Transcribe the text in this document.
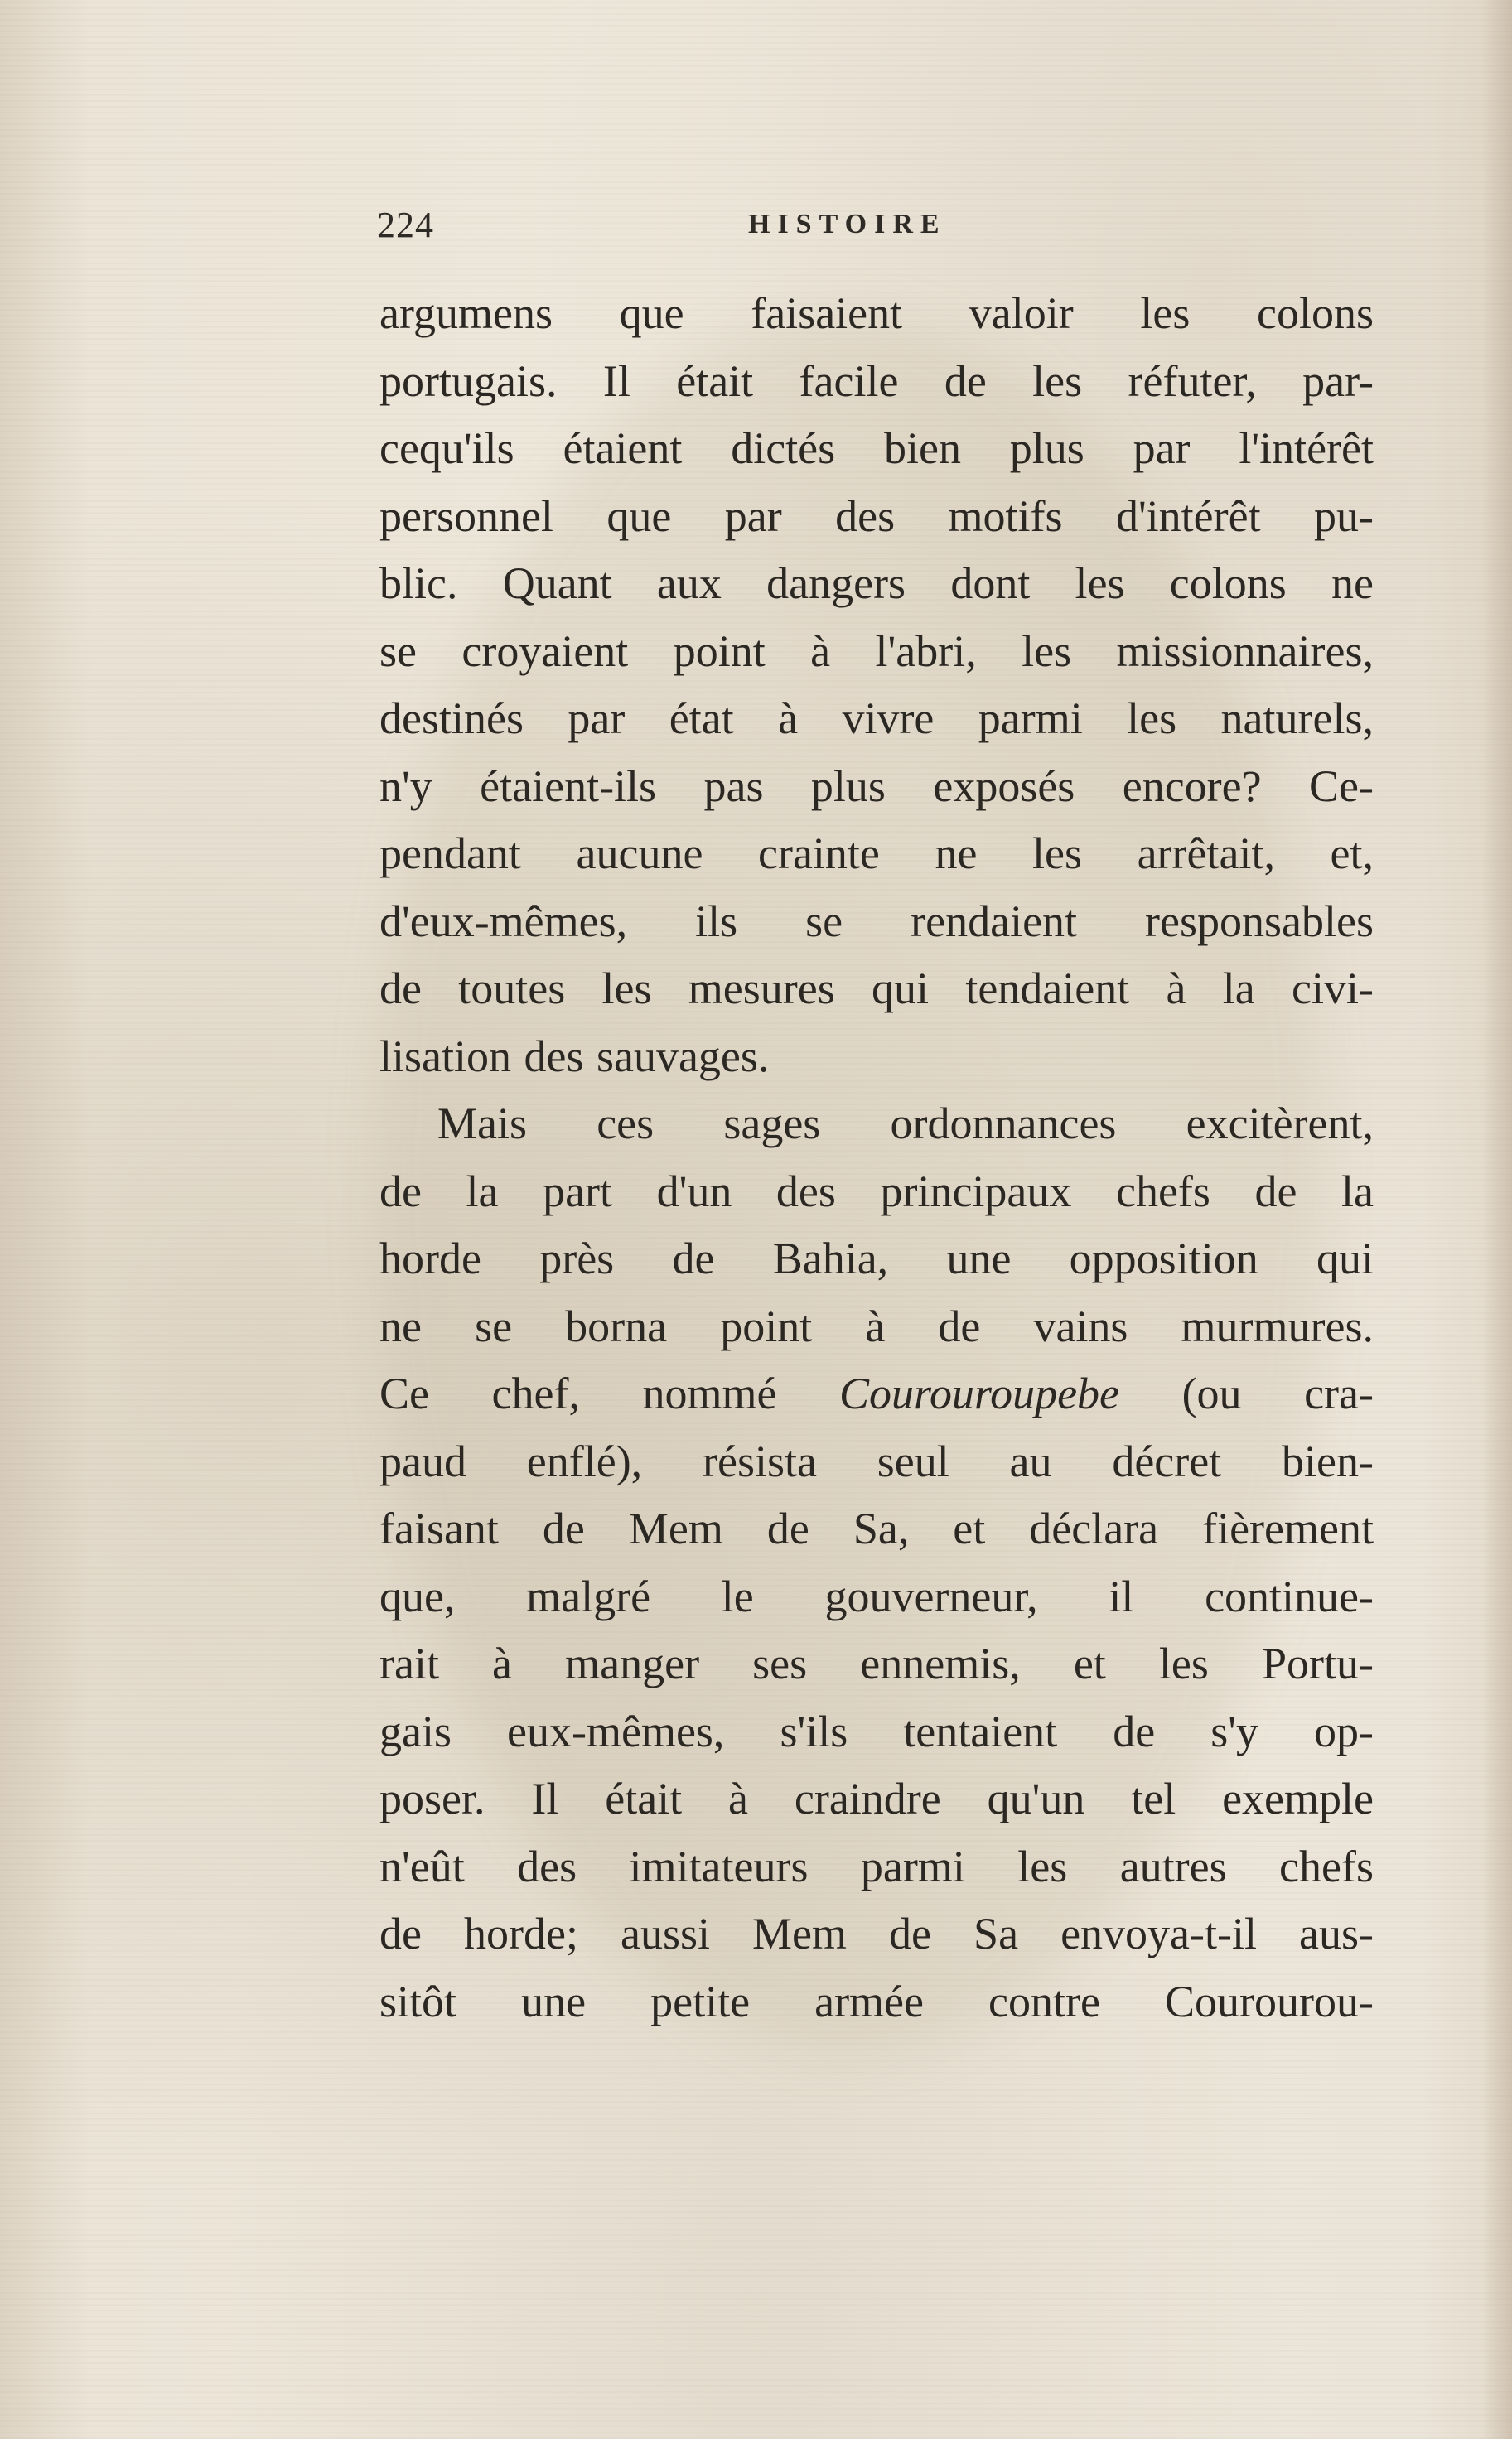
224	HISTOIRE
argumens que faisaient valoir les colons
portugais. Il était facile de les réfuter, par-
cequ'ils étaient dictés bien plus par l'intérêt
personnel que par des motifs d'intérêt pu-
blic. Quant aux dangers dont les colons ne
se croyaient point à l'abri, les missionnaires,
destinés par état à vivre parmi les naturels,
n'y étaient-ils pas plus exposés encore? Ce-
pendant aucune crainte ne les arrêtait, et,
d'eux-mêmes, ils se rendaient responsables
de toutes les mesures qui tendaient à la civi-
lisation des sauvages.
Mais ces sages ordonnances excitèrent,
de la part d'un des principaux chefs de la
horde près de Bahia, une opposition qui
ne se borna point à de vains murmures.
Ce chef, nommé Courouroupebe (ou cra-
paud enflé), résista seul au décret bien-
faisant de Mem de Sa, et déclara fièrement
que, malgré le gouverneur, il continue-
rait à manger ses ennemis, et les Portu-
gais eux-mêmes, s'ils tentaient de s'y op-
poser. Il était à craindre qu'un tel exemple
n'eût des imitateurs parmi les autres chefs
de horde; aussi Mem de Sa envoya-t-il aus-
sitôt une petite armée contre Courourou-
